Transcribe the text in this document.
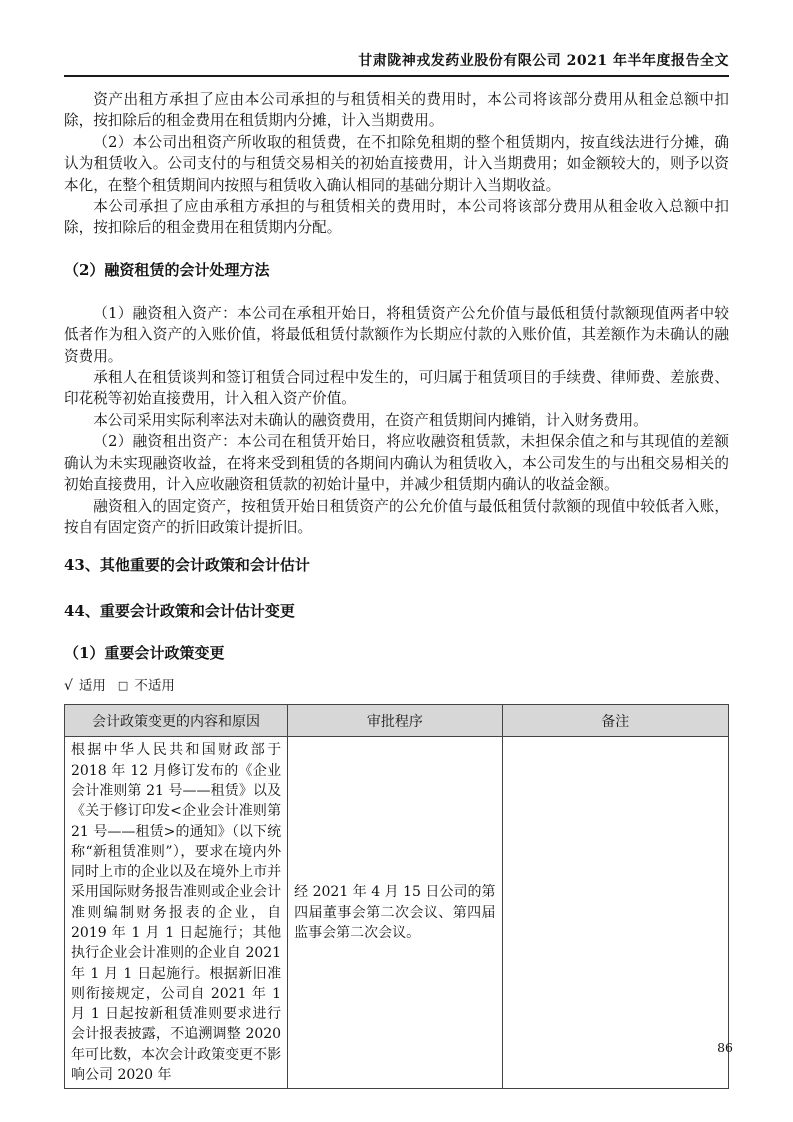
甘肃陇神戎发药业股份有限公司 2021 年半年度报告全文

资产出租方承担了应由本公司承担的与租赁相关的费用时，本公司将该部分费用从租金总额中扣除，按扣除后的租金费用在租赁期内分摊，计入当期费用。

（2）本公司出租资产所收取的租赁费，在不扣除免租期的整个租赁期内，按直线法进行分摊，确认为租赁收入。公司支付的与租赁交易相关的初始直接费用，计入当期费用；如金额较大的，则予以资本化，在整个租赁期间内按照与租赁收入确认相同的基础分期计入当期收益。

本公司承担了应由承租方承担的与租赁相关的费用时，本公司将该部分费用从租金收入总额中扣除，按扣除后的租金费用在租赁期内分配。

（2）融资租赁的会计处理方法

（1）融资租入资产：本公司在承租开始日，将租赁资产公允价值与最低租赁付款额现值两者中较低者作为租入资产的入账价值，将最低租赁付款额作为长期应付款的入账价值，其差额作为未确认的融资费用。

承租人在租赁谈判和签订租赁合同过程中发生的，可归属于租赁项目的手续费、律师费、差旅费、印花税等初始直接费用，计入租入资产价值。

本公司采用实际利率法对未确认的融资费用，在资产租赁期间内摊销，计入财务费用。

（2）融资租出资产：本公司在租赁开始日，将应收融资租赁款，未担保余值之和与其现值的差额确认为未实现融资收益，在将来受到租赁的各期间内确认为租赁收入，本公司发生的与出租交易相关的初始直接费用，计入应收融资租赁款的初始计量中，并减少租赁期内确认的收益金额。

融资租入的固定资产，按租赁开始日租赁资产的公允价值与最低租赁付款额的现值中较低者入账，按自有固定资产的折旧政策计提折旧。

43、其他重要的会计政策和会计估计
44、重要会计政策和会计估计变更
（1）重要会计政策变更
√ 适用 □ 不适用
会计政策变更的内容和原因	审批程序	备注
根据中华人民共和国财政部于 2018 年 12 月修订发布的《企业会计准则第 21 号——租赁》以及《关于修订印发<企业会计准则第 21 号——租赁>的通知》（以下统称“新租赁准则”），要求在境内外同时上市的企业以及在境外上市并采用国际财务报告准则或企业会计准则编制财务报表的企业，自 2019 年 1 月 1 日起施行；其他执行企业会计准则的企业自 2021 年 1 月 1 日起施行。根据新旧准则衔接规定，公司自 2021 年 1 月 1 日起按新租赁准则要求进行会计报表披露，不追溯调整 2020 年可比数，本次会计政策变更不影响公司 2020 年	经 2021 年 4 月 15 日公司的第四届董事会第二次会议、第四届监事会第二次会议。	
86
